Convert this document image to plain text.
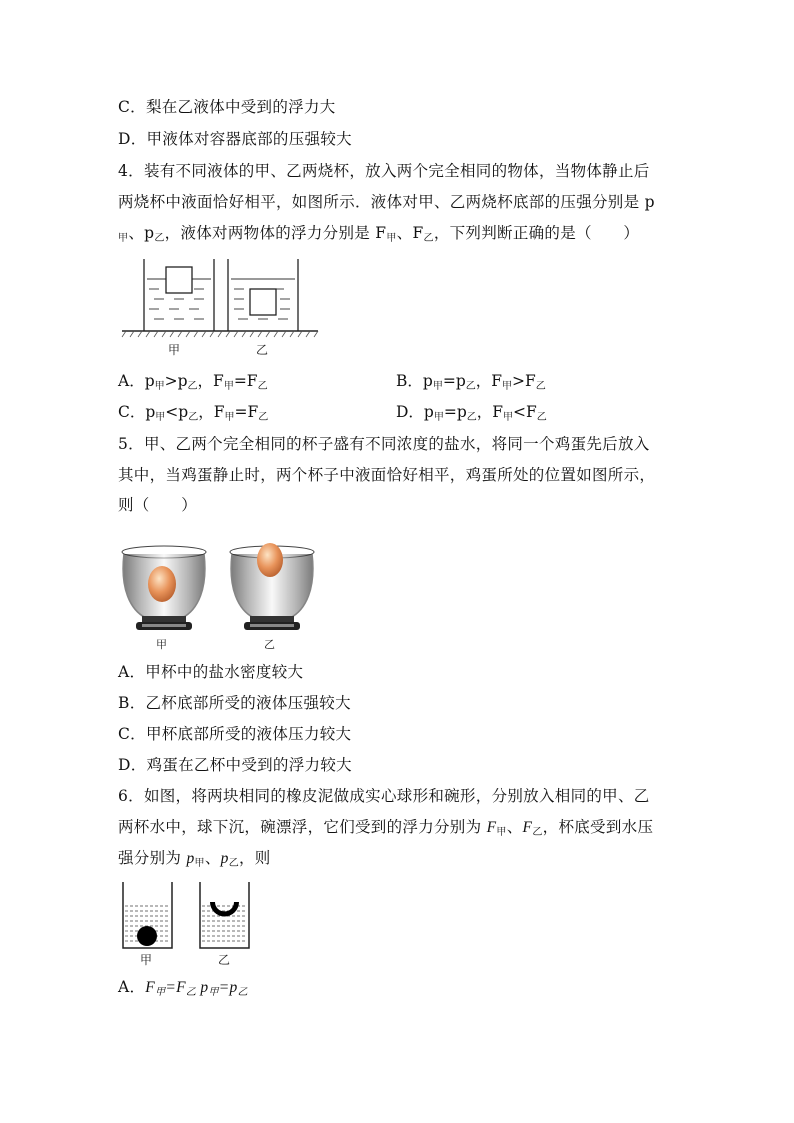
C．梨在乙液体中受到的浮力大
D．甲液体对容器底部的压强较大
4．装有不同液体的甲、乙两烧杯，放入两个完全相同的物体，当物体静止后
两烧杯中液面恰好相平，如图所示．液体对甲、乙两烧杯底部的压强分别是 p
$_甲$、$p_乙$，液体对两物体的浮力分别是 $F_甲$、$F_乙$，下列判断正确的是（　　）
甲	乙
A．$p_甲>p_乙$，$F_甲=F_乙$	B．$p_甲=p_乙$，$F_甲>F_乙$
C．$p_甲<p_乙$，$F_甲=F_乙$	D．$p_甲=p_乙$，$F_甲<F_乙$
5．甲、乙两个完全相同的杯子盛有不同浓度的盐水，将同一个鸡蛋先后放入
其中，当鸡蛋静止时，两个杯子中液面恰好相平，鸡蛋所处的位置如图所示，
则（　　）
甲	乙
A．甲杯中的盐水密度较大
B．乙杯底部所受的液体压强较大
C．甲杯底部所受的液体压力较大
D．鸡蛋在乙杯中受到的浮力较大
6．如图，将两块相同的橡皮泥做成实心球形和碗形，分别放入相同的甲、乙
两杯水中，球下沉，碗漂浮，它们受到的浮力分别为 $F_甲$、$F_乙$，杯底受到水压
强分别为 $p_甲$、$p_乙$，则
甲	乙
A．$F_甲=F_乙$ $p_甲=p_乙$
